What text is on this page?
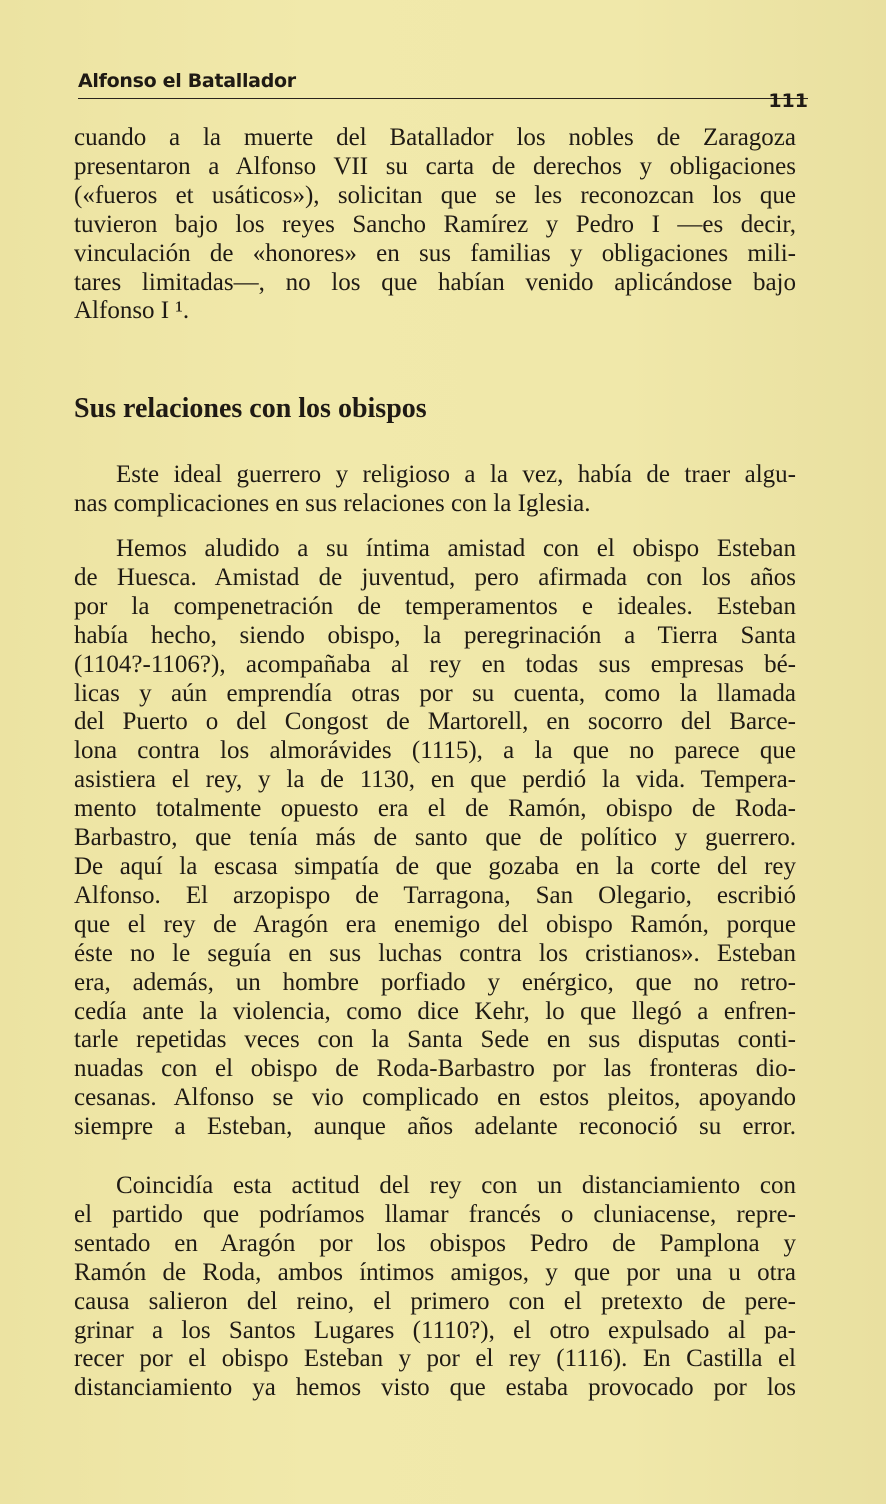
Alfonso el Batallador
111
cuando a la muerte del Batallador los nobles de Zaragoza
presentaron a Alfonso VII su carta de derechos y obligaciones
(«fueros et usáticos»), solicitan que se les reconozcan los que
tuvieron bajo los reyes Sancho Ramírez y Pedro I —es decir,
vinculación de «honores» en sus familias y obligaciones mili-
tares limitadas—, no los que habían venido aplicándose bajo
Alfonso I ¹.
Sus relaciones con los obispos
Este ideal guerrero y religioso a la vez, había de traer algu-
nas complicaciones en sus relaciones con la Iglesia.
Hemos aludido a su íntima amistad con el obispo Esteban
de Huesca. Amistad de juventud, pero afirmada con los años
por la compenetración de temperamentos e ideales. Esteban
había hecho, siendo obispo, la peregrinación a Tierra Santa
(1104?-1106?), acompañaba al rey en todas sus empresas bé-
licas y aún emprendía otras por su cuenta, como la llamada
del Puerto o del Congost de Martorell, en socorro del Barce-
lona contra los almorávides (1115), a la que no parece que
asistiera el rey, y la de 1130, en que perdió la vida. Tempera-
mento totalmente opuesto era el de Ramón, obispo de Roda-
Barbastro, que tenía más de santo que de político y guerrero.
De aquí la escasa simpatía de que gozaba en la corte del rey
Alfonso. El arzopispo de Tarragona, San Olegario, escribió
que el rey de Aragón era enemigo del obispo Ramón, porque
éste no le seguía en sus luchas contra los cristianos». Esteban
era, además, un hombre porfiado y enérgico, que no retro-
cedía ante la violencia, como dice Kehr, lo que llegó a enfren-
tarle repetidas veces con la Santa Sede en sus disputas conti-
nuadas con el obispo de Roda-Barbastro por las fronteras dio-
cesanas. Alfonso se vio complicado en estos pleitos, apoyando
siempre a Esteban, aunque años adelante reconoció su error.
Coincidía esta actitud del rey con un distanciamiento con
el partido que podríamos llamar francés o cluniacense, repre-
sentado en Aragón por los obispos Pedro de Pamplona y
Ramón de Roda, ambos íntimos amigos, y que por una u otra
causa salieron del reino, el primero con el pretexto de pere-
grinar a los Santos Lugares (1110?), el otro expulsado al pa-
recer por el obispo Esteban y por el rey (1116). En Castilla el
distanciamiento ya hemos visto que estaba provocado por los
